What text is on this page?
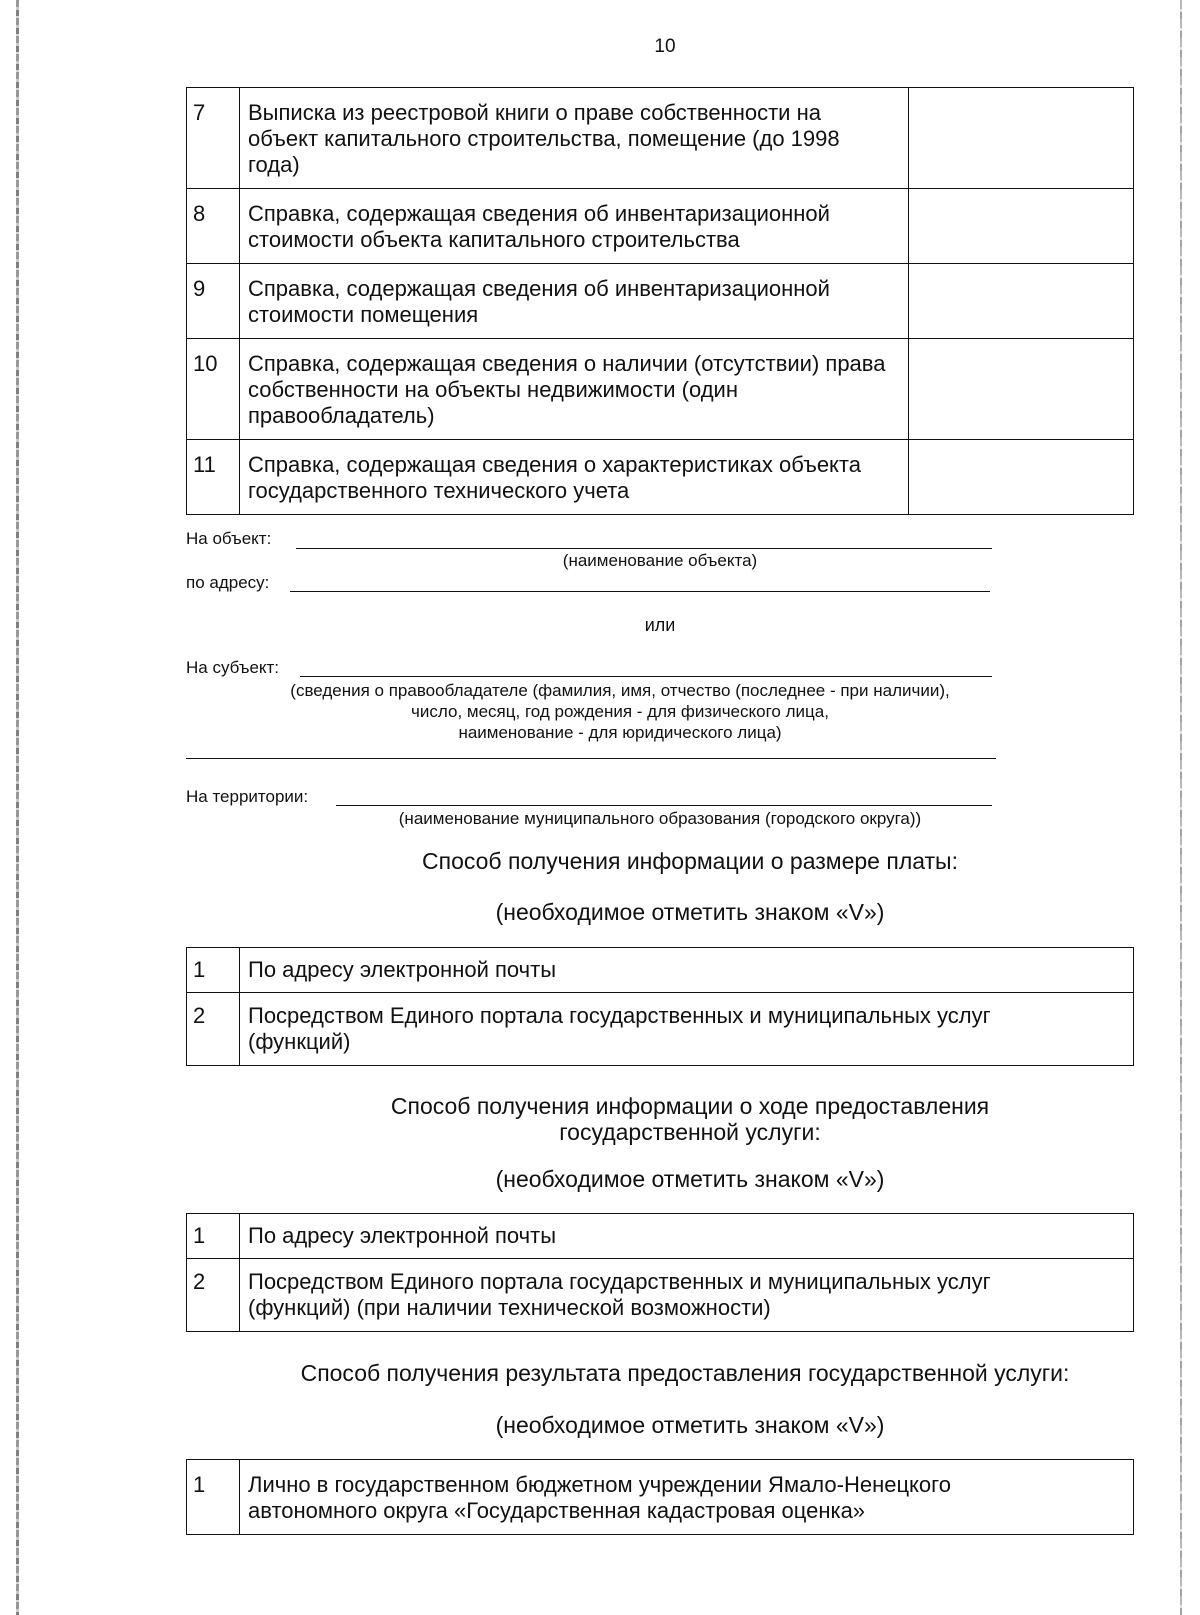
10
7	Выписка из реестровой книги о праве собственности на объект капитального строительства, помещение (до 1998 года)	
8	Справка, содержащая сведения об инвентаризационной стоимости объекта капитального строительства	
9	Справка, содержащая сведения об инвентаризационной стоимости помещения	
10	Справка, содержащая сведения о наличии (отсутствии) права собственности на объекты недвижимости (один правообладатель)	
11	Справка, содержащая сведения о характеристиках объекта государственного технического учета	
На объект:
(наименование объекта)
по адресу:
или
На субъект:
(сведения о правообладателе (фамилия, имя, отчество (последнее - при наличии),
число, месяц, год рождения - для физического лица,
наименование - для юридического лица)
На территории:
(наименование муниципального образования (городского округа))
Способ получения информации о размере платы:
(необходимое отметить знаком «V»)
1	По адресу электронной почты
2	Посредством Единого портала государственных и муниципальных услуг (функций)
Способ получения информации о ходе предоставления
государственной услуги:
(необходимое отметить знаком «V»)
1	По адресу электронной почты
2	Посредством Единого портала государственных и муниципальных услуг (функций) (при наличии технической возможности)
Способ получения результата предоставления государственной услуги:
(необходимое отметить знаком «V»)
1	Лично в государственном бюджетном учреждении Ямало-Ненецкого автономного округа «Государственная кадастровая оценка»
